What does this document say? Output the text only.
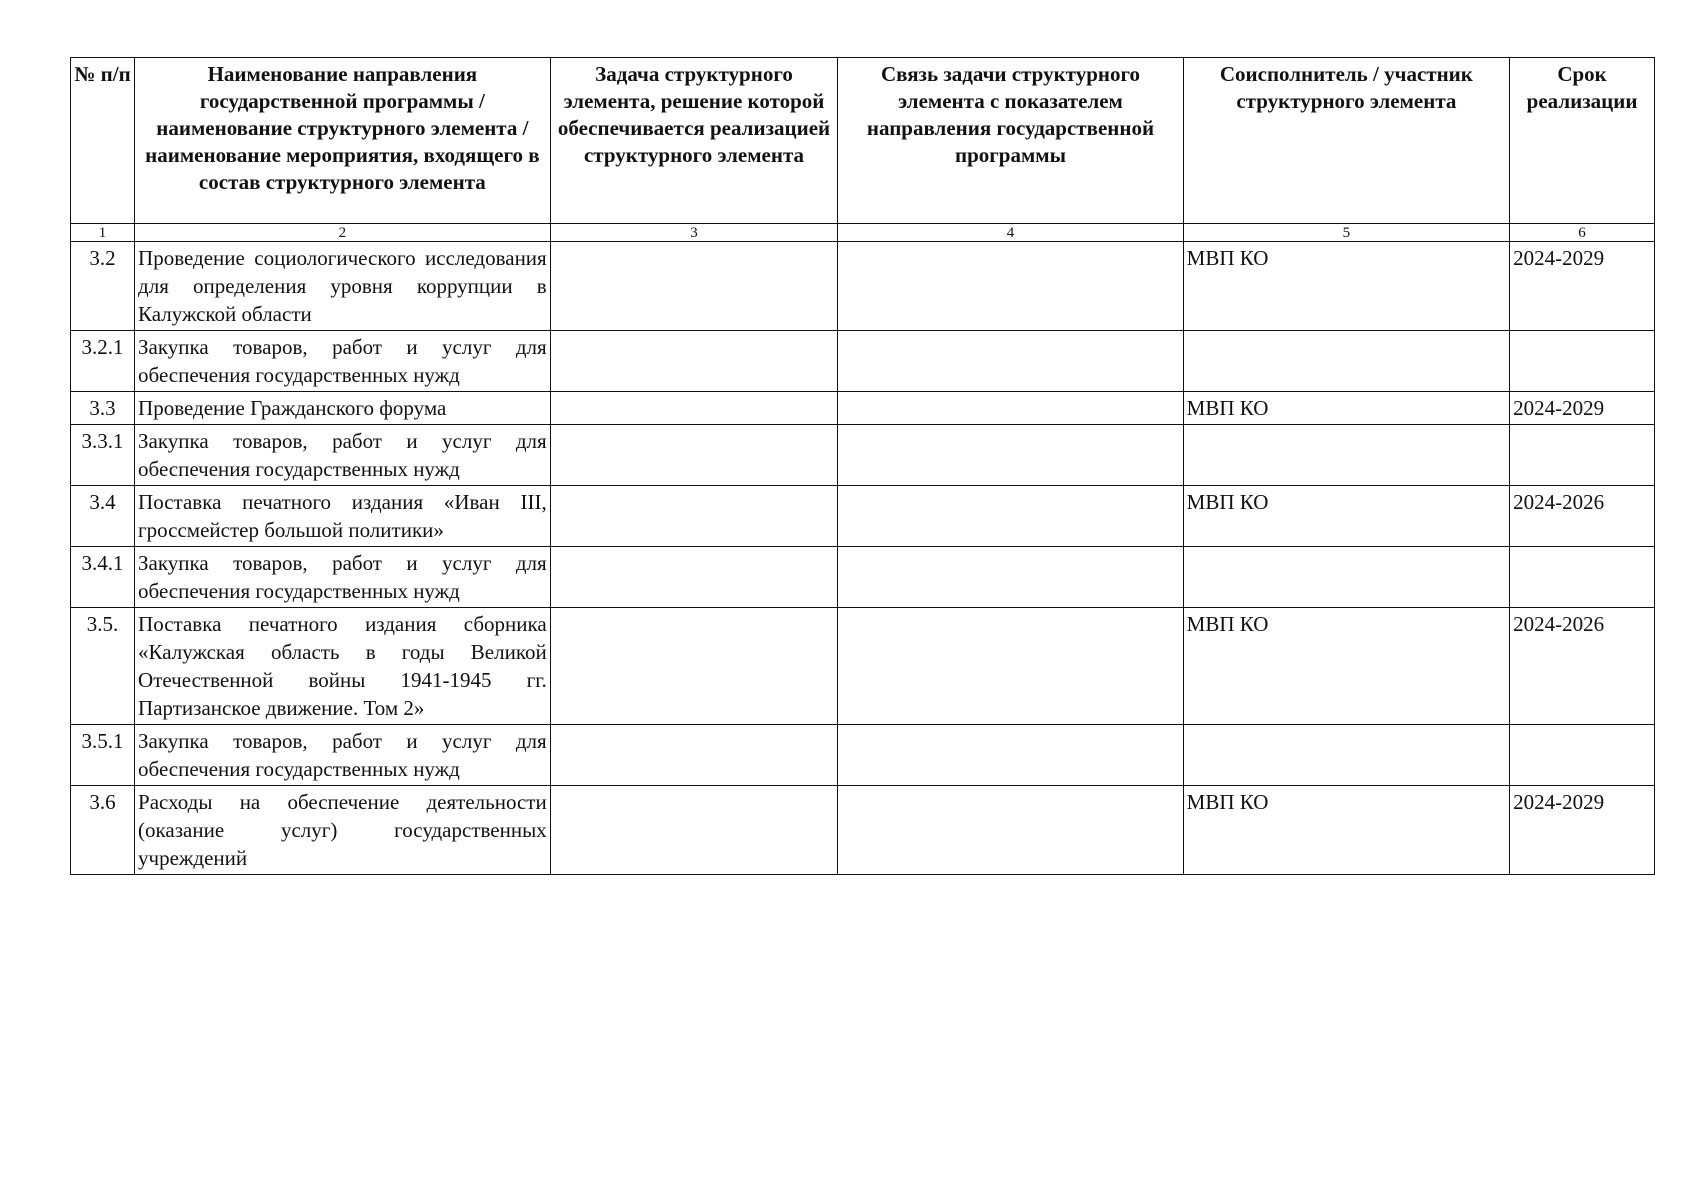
№ п/п	Наименование направления государственной программы / наименование структурного элемента / наименование мероприятия, входящего в состав структурного элемента	Задача структурного элемента, решение которой обеспечивается реализацией структурного элемента	Связь задачи структурного элемента с показателем направления государственной программы	Соисполнитель / участник структурного элемента	Срок реализации
1	2	3	4	5	6
3.2	Проведение социологического исследования для определения уровня коррупции в Калужской области			МВП КО	2024-2029
3.2.1	Закупка товаров, работ и услуг для обеспечения государственных нужд				
3.3	Проведение Гражданского форума			МВП КО	2024-2029
3.3.1	Закупка товаров, работ и услуг для обеспечения государственных нужд				
3.4	Поставка печатного издания «Иван III, гроссмейстер большой политики»			МВП КО	2024-2026
3.4.1	Закупка товаров, работ и услуг для обеспечения государственных нужд				
3.5.	Поставка печатного издания сборника «Калужская область в годы Великой Отечественной войны 1941-1945 гг. Партизанское движение. Том 2»			МВП КО	2024-2026
3.5.1	Закупка товаров, работ и услуг для обеспечения государственных нужд				
3.6	Расходы на обеспечение деятельности (оказание услуг) государственных учреждений			МВП КО	2024-2029
